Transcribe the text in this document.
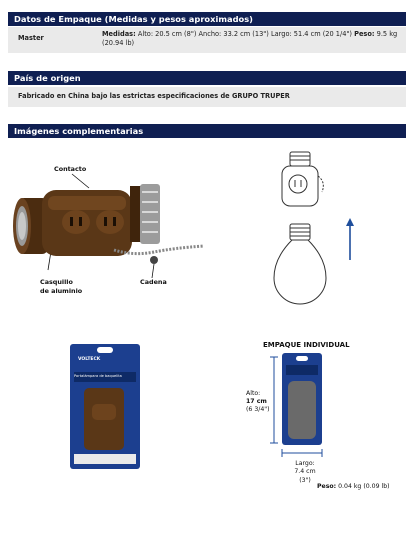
Datos de Empaque (Medidas y pesos aproximados)
Master	Medidas: Alto: 20.5 cm (8") Ancho: 33.2 cm (13") Largo: 51.4 cm (20 1/4") Peso: 9.5 kg
(20.94 lb)
País de origen
Fabricado en China bajo las estrictas especificaciones de GRUPO TRUPER
Imágenes complementarias
Contacto
Casquillo
de aluminio
Cadena
VOLTECK
Portalámpara de baquelita
EMPAQUE INDIVIDUAL
Alto:
17 cm
(6 3/4")
Largo:
7.4 cm
(3")
Peso: 0.04 kg (0.09 lb)
